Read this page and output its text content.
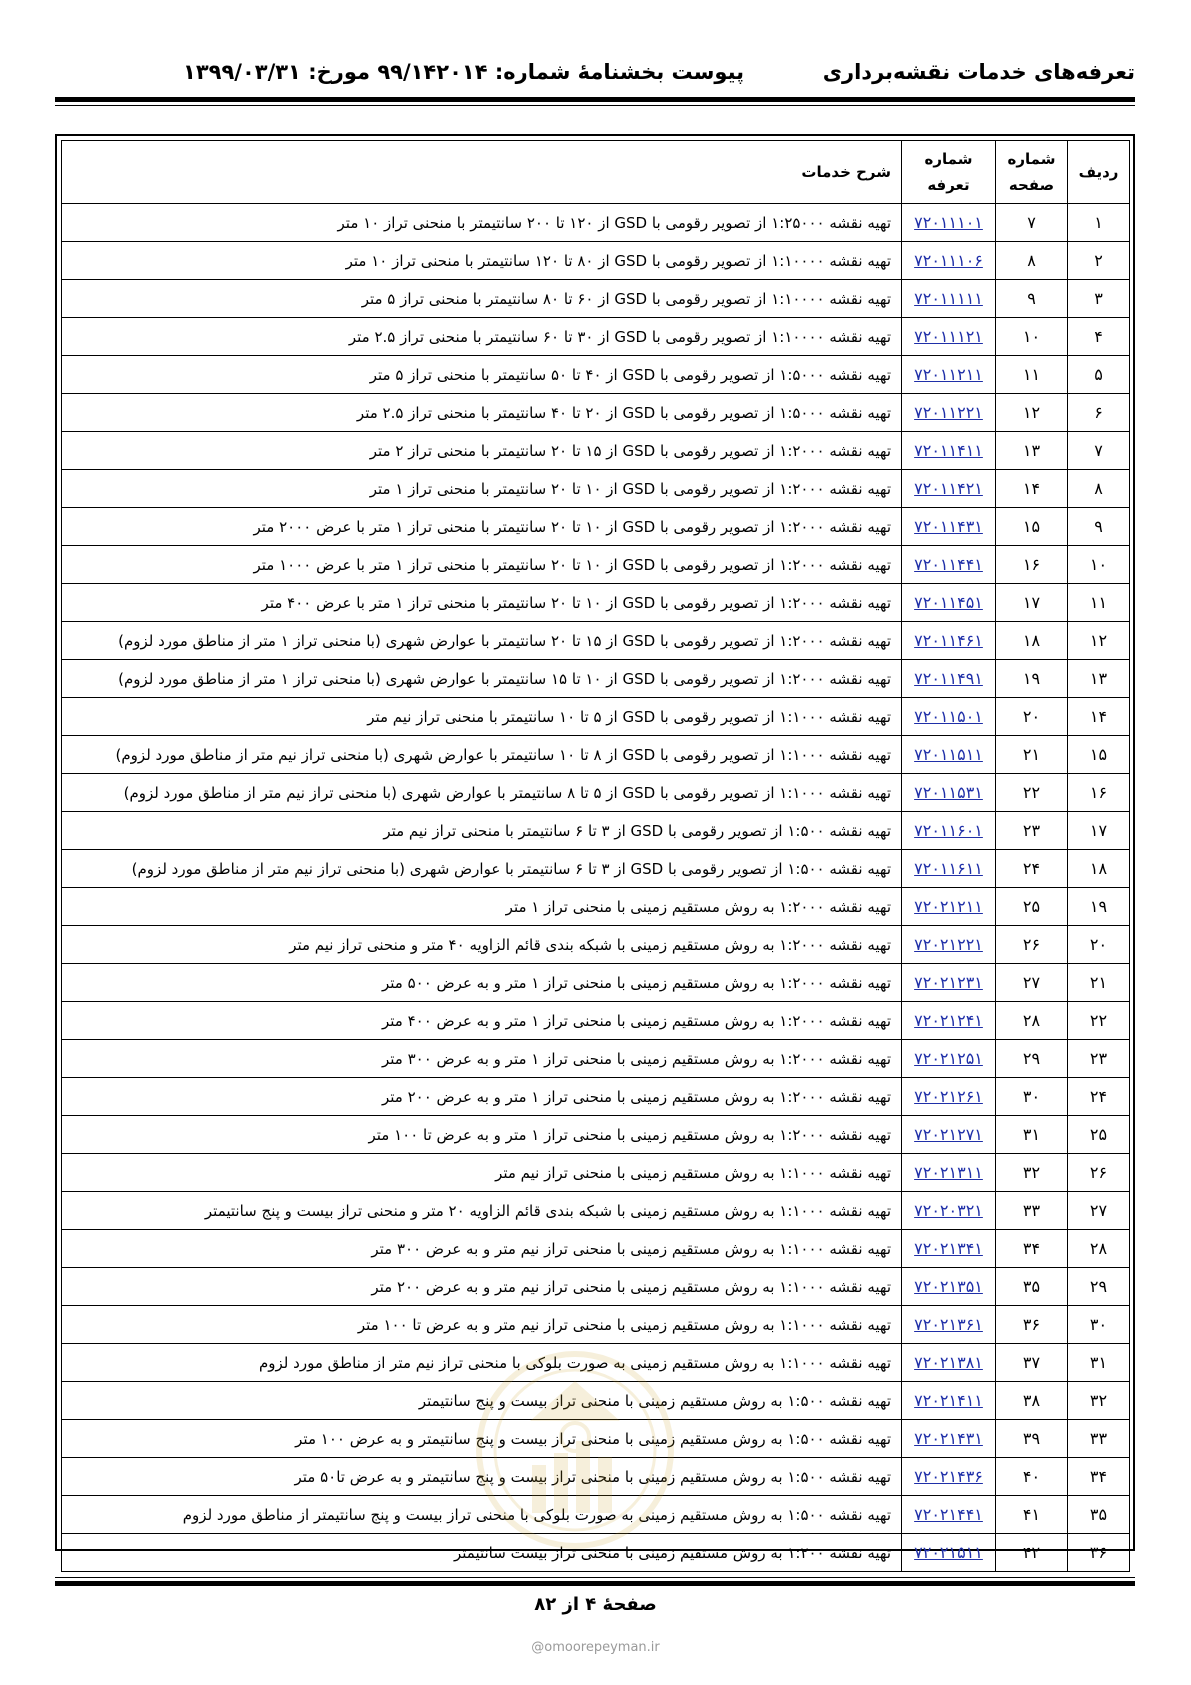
تعرفه‌های خدمات نقشه‌برداری
پیوست بخشنامهٔ شماره: ۹۹/۱۴۲۰۱۴ مورخ: ۱۳۹۹/۰۳/۳۱
ردیف	شماره صفحه	شماره تعرفه	شرح خدمات
۱	۷	۷۲۰۱۱۱۰۱	تهیه نقشه ۱:۲۵۰۰۰ از تصویر رقومی با GSD از ۱۲۰ تا ۲۰۰ سانتیمتر با منحنی تراز ۱۰ متر
۲	۸	۷۲۰۱۱۱۰۶	تهیه نقشه ۱:۱۰۰۰۰ از تصویر رقومی با GSD از ۸۰ تا ۱۲۰ سانتیمتر با منحنی تراز ۱۰ متر
۳	۹	۷۲۰۱۱۱۱۱	تهیه نقشه ۱:۱۰۰۰۰ از تصویر رقومی با GSD از ۶۰ تا ۸۰ سانتیمتر با منحنی تراز ۵ متر
۴	۱۰	۷۲۰۱۱۱۲۱	تهیه نقشه ۱:۱۰۰۰۰ از تصویر رقومی با GSD از ۳۰ تا ۶۰ سانتیمتر با منحنی تراز ۲.۵ متر
۵	۱۱	۷۲۰۱۱۲۱۱	تهیه نقشه ۱:۵۰۰۰ از تصویر رقومی با GSD از ۴۰ تا ۵۰ سانتیمتر با منحنی تراز ۵ متر
۶	۱۲	۷۲۰۱۱۲۲۱	تهیه نقشه ۱:۵۰۰۰ از تصویر رقومی با GSD از ۲۰ تا ۴۰ سانتیمتر با منحنی تراز ۲.۵ متر
۷	۱۳	۷۲۰۱۱۴۱۱	تهیه نقشه ۱:۲۰۰۰ از تصویر رقومی با GSD از ۱۵ تا ۲۰ سانتیمتر با منحنی تراز ۲ متر
۸	۱۴	۷۲۰۱۱۴۲۱	تهیه نقشه ۱:۲۰۰۰ از تصویر رقومی با GSD از ۱۰ تا ۲۰ سانتیمتر با منحنی تراز ۱ متر
۹	۱۵	۷۲۰۱۱۴۳۱	تهیه نقشه ۱:۲۰۰۰ از تصویر رقومی با GSD از ۱۰ تا ۲۰ سانتیمتر با منحنی تراز ۱ متر با عرض ۲۰۰۰ متر
۱۰	۱۶	۷۲۰۱۱۴۴۱	تهیه نقشه ۱:۲۰۰۰ از تصویر رقومی با GSD از ۱۰ تا ۲۰ سانتیمتر با منحنی تراز ۱ متر با عرض ۱۰۰۰ متر
۱۱	۱۷	۷۲۰۱۱۴۵۱	تهیه نقشه ۱:۲۰۰۰ از تصویر رقومی با GSD از ۱۰ تا ۲۰ سانتیمتر با منحنی تراز ۱ متر با عرض ۴۰۰ متر
۱۲	۱۸	۷۲۰۱۱۴۶۱	تهیه نقشه ۱:۲۰۰۰ از تصویر رقومی با GSD از ۱۵ تا ۲۰ سانتیمتر با عوارض شهری (با منحنی تراز ۱ متر از مناطق مورد لزوم)
۱۳	۱۹	۷۲۰۱۱۴۹۱	تهیه نقشه ۱:۲۰۰۰ از تصویر رقومی با GSD از ۱۰ تا ۱۵ سانتیمتر با عوارض شهری (با منحنی تراز ۱ متر از مناطق مورد لزوم)
۱۴	۲۰	۷۲۰۱۱۵۰۱	تهیه نقشه ۱:۱۰۰۰ از تصویر رقومی با GSD از ۵ تا ۱۰ سانتیمتر با منحنی تراز نیم متر
۱۵	۲۱	۷۲۰۱۱۵۱۱	تهیه نقشه ۱:۱۰۰۰ از تصویر رقومی با GSD از ۸ تا ۱۰ سانتیمتر با عوارض شهری (با منحنی تراز نیم متر از مناطق مورد لزوم)
۱۶	۲۲	۷۲۰۱۱۵۳۱	تهیه نقشه ۱:۱۰۰۰ از تصویر رقومی با GSD از ۵ تا ۸ سانتیمتر با عوارض شهری (با منحنی تراز نیم متر از مناطق مورد لزوم)
۱۷	۲۳	۷۲۰۱۱۶۰۱	تهیه نقشه ۱:۵۰۰ از تصویر رقومی با GSD از ۳ تا ۶ سانتیمتر با منحنی تراز نیم متر
۱۸	۲۴	۷۲۰۱۱۶۱۱	تهیه نقشه ۱:۵۰۰ از تصویر رقومی با GSD از ۳ تا ۶ سانتیمتر با عوارض شهری (با منحنی تراز نیم متر از مناطق مورد لزوم)
۱۹	۲۵	۷۲۰۲۱۲۱۱	تهیه نقشه ۱:۲۰۰۰ به روش مستقیم زمینی با منحنی تراز ۱ متر
۲۰	۲۶	۷۲۰۲۱۲۲۱	تهیه نقشه ۱:۲۰۰۰ به روش مستقیم زمینی با شبکه بندی قائم الزاویه ۴۰ متر و منحنی تراز نیم متر
۲۱	۲۷	۷۲۰۲۱۲۳۱	تهیه نقشه ۱:۲۰۰۰ به روش مستقیم زمینی با منحنی تراز ۱ متر و به عرض ۵۰۰ متر
۲۲	۲۸	۷۲۰۲۱۲۴۱	تهیه نقشه ۱:۲۰۰۰ به روش مستقیم زمینی با منحنی تراز ۱ متر و به عرض ۴۰۰ متر
۲۳	۲۹	۷۲۰۲۱۲۵۱	تهیه نقشه ۱:۲۰۰۰ به روش مستقیم زمینی با منحنی تراز ۱ متر و به عرض ۳۰۰ متر
۲۴	۳۰	۷۲۰۲۱۲۶۱	تهیه نقشه ۱:۲۰۰۰ به روش مستقیم زمینی با منحنی تراز ۱ متر و به عرض ۲۰۰ متر
۲۵	۳۱	۷۲۰۲۱۲۷۱	تهیه نقشه ۱:۲۰۰۰ به روش مستقیم زمینی با منحنی تراز ۱ متر و به عرض تا ۱۰۰ متر
۲۶	۳۲	۷۲۰۲۱۳۱۱	تهیه نقشه ۱:۱۰۰۰ به روش مستقیم زمینی با منحنی تراز نیم متر
۲۷	۳۳	۷۲۰۲۰۳۲۱	تهیه نقشه ۱:۱۰۰۰ به روش مستقیم زمینی با شبکه بندی قائم الزاویه ۲۰ متر و منحنی تراز بیست و پنج سانتیمتر
۲۸	۳۴	۷۲۰۲۱۳۴۱	تهیه نقشه ۱:۱۰۰۰ به روش مستقیم زمینی با منحنی تراز نیم متر و به عرض ۳۰۰ متر
۲۹	۳۵	۷۲۰۲۱۳۵۱	تهیه نقشه ۱:۱۰۰۰ به روش مستقیم زمینی با منحنی تراز نیم متر و به عرض ۲۰۰ متر
۳۰	۳۶	۷۲۰۲۱۳۶۱	تهیه نقشه ۱:۱۰۰۰ به روش مستقیم زمینی با منحنی تراز نیم متر و به عرض تا ۱۰۰ متر
۳۱	۳۷	۷۲۰۲۱۳۸۱	تهیه نقشه ۱:۱۰۰۰ به روش مستقیم زمینی به صورت بلوکی با منحنی تراز نیم متر از مناطق مورد لزوم
۳۲	۳۸	۷۲۰۲۱۴۱۱	تهیه نقشه ۱:۵۰۰ به روش مستقیم زمینی با منحنی تراز بیست و پنج سانتیمتر
۳۳	۳۹	۷۲۰۲۱۴۳۱	تهیه نقشه ۱:۵۰۰ به روش مستقیم زمینی با منحنی تراز بیست و پنج سانتیمتر و به عرض ۱۰۰ متر
۳۴	۴۰	۷۲۰۲۱۴۳۶	تهیه نقشه ۱:۵۰۰ به روش مستقیم زمینی با منحنی تراز بیست و پنج سانتیمتر و به عرض تا۵۰ متر
۳۵	۴۱	۷۲۰۲۱۴۴۱	تهیه نقشه ۱:۵۰۰ به روش مستقیم زمینی به صورت بلوکی با منحنی تراز بیست و پنج سانتیمتر از مناطق مورد لزوم
۳۶	۴۲	۷۲۰۲۱۵۱۱	تهیه نقشه ۱:۲۰۰ به روش مستقیم زمینی با منحنی تراز بیست سانتیمتر
صفحهٔ ۴ از ۸۲
@omoorepeyman.ir
